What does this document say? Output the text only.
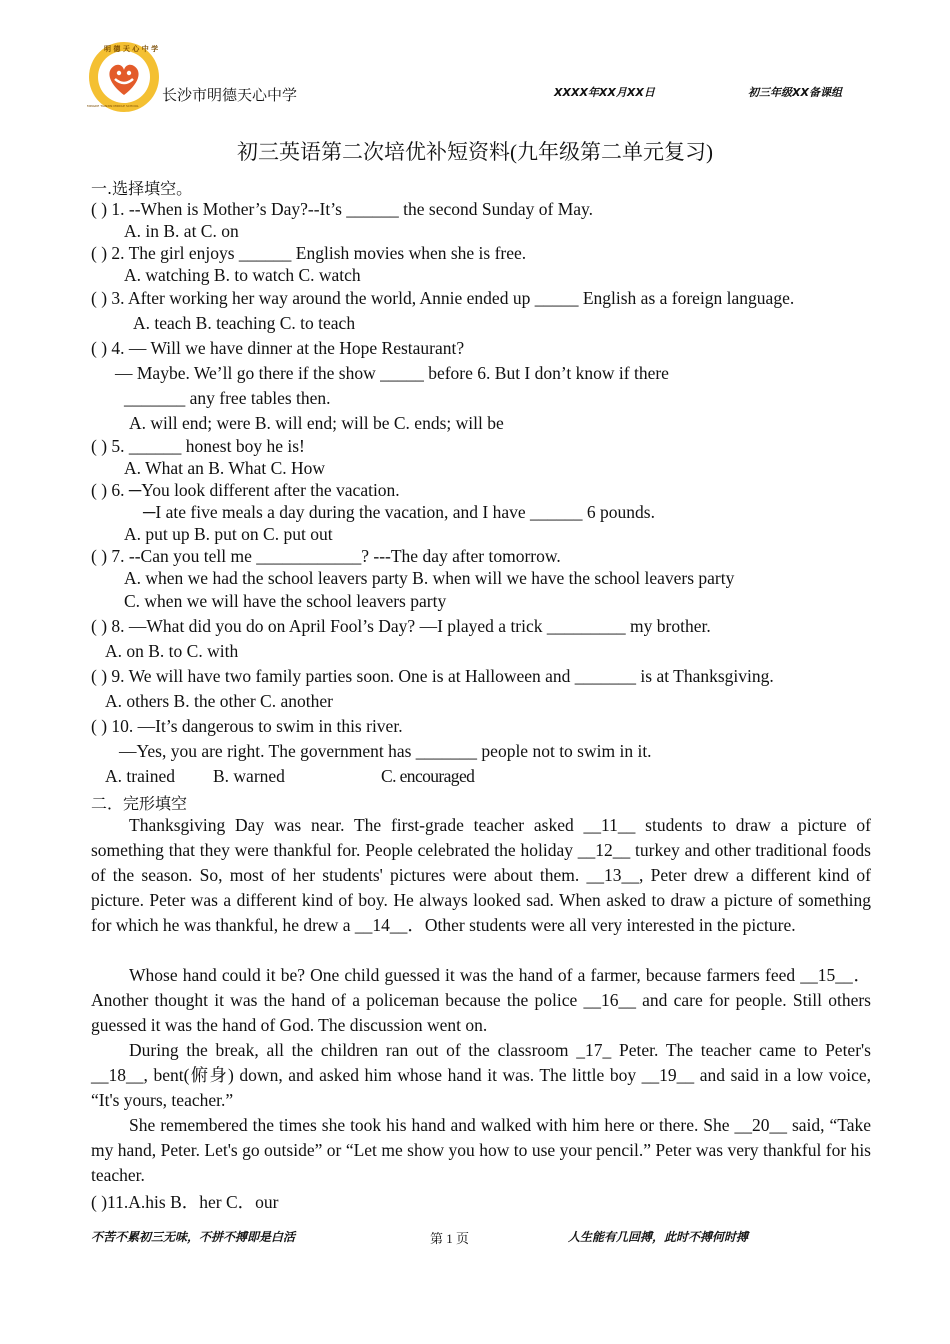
明 德 天 心 中 学
MINGDE TIANXIN MIDDLE SCHOOL
长沙市明德天心中学	XXXX年XX月XX日	初三年级XX备课组
初三英语第二次培优补短资料(九年级第二单元复习)
一.选择填空。
( ) 1. --When is Mother’s Day?--It’s ______ the second Sunday of May.
A. in B. at C. on
( ) 2. The girl enjoys ______ English movies when she is free.
A. watching B. to watch C. watch
( ) 3. After working her way around the world, Annie ended up _____ English as a foreign language.
A. teach B. teaching C. to teach
( ) 4. — Will we have dinner at the Hope Restaurant?
— Maybe. We’ll go there if the show _____ before 6. But I don’t know if there
_______ any free tables then.
A. will end; were B. will end; will be C. ends; will be
( ) 5. ______ honest boy he is!
A. What an B. What C. How
( ) 6. ─You look different after the vacation.
─I ate five meals a day during the vacation, and I have ______ 6 pounds.
A. put up B. put on C. put out
( ) 7. --Can you tell me ____________? ---The day after tomorrow.
A. when we had the school leavers party B. when will we have the school leavers party
C. when we will have the school leavers party
( ) 8. —What did you do on April Fool’s Day? —I played a trick _________ my brother.
A. on B. to C. with
( ) 9. We will have two family parties soon. One is at Halloween and _______ is at Thanksgiving.
A. others B. the other C. another
( ) 10. —It’s dangerous to swim in this river.
—Yes, you are right. The government has _______ people not to swim in it.
A. trained B. warned	C. encouraged
二．完形填空
Thanksgiving Day was near. The first-grade teacher asked __11__ students to draw a picture of something that they were thankful for. People celebrated the holiday __12__ turkey and other traditional foods of the season. So, most of her students' pictures were about them. __13__, Peter drew a different kind of picture. Peter was a different kind of boy. He always looked sad. When asked to draw a picture of something for which he was thankful, he drew a __14__．Other students were all very interested in the picture.
Whose hand could it be? One child guessed it was the hand of a farmer, because farmers feed __15__．Another thought it was the hand of a policeman because the police __16__ and care for people. Still others guessed it was the hand of God. The discussion went on.
During the break, all the children ran out of the classroom _17_ Peter. The teacher came to Peter's __18__, bent(俯身) down, and asked him whose hand it was. The little boy __19__ and said in a low voice, “It's yours, teacher.”
She remembered the times she took his hand and walked with him here or there. She __20__ said, “Take my hand, Peter. Let's go outside” or “Let me show you how to use your pencil.” Peter was very thankful for his teacher.
( )11.A.his B．her C．our
不苦不累初三无味，不拼不搏即是白活	第 1 页	人生能有几回搏，此时不搏何时搏
